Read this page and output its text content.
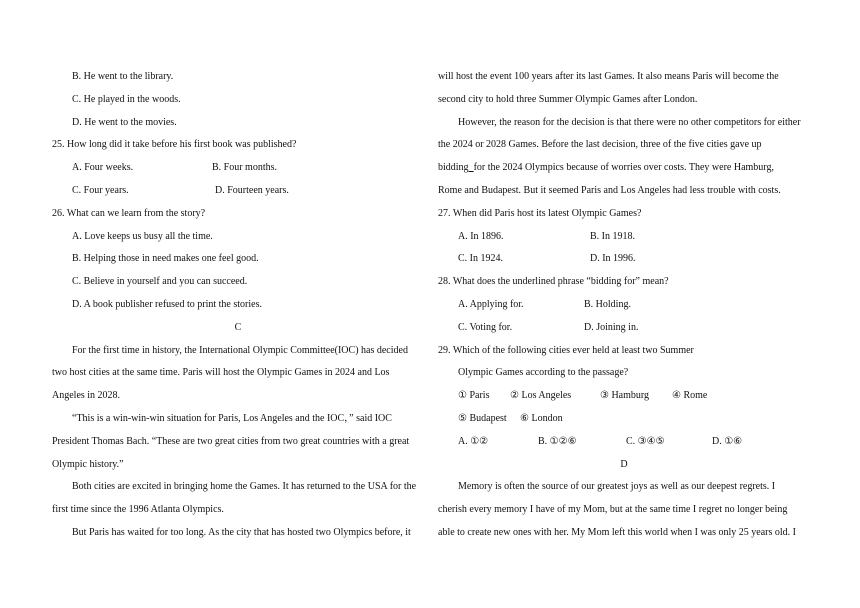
B. He went to the library.
C. He played in the woods.
D. He went to the movies.
25. How long did it take before his first book was published?
A. Four weeks.	B. Four months.
C. Four years.	D. Fourteen years.
26. What can we learn from the story?
A. Love keeps us busy all the time.
B. Helping those in need makes one feel good.
C. Believe in yourself and you can succeed.
D. A book publisher refused to print the stories.
C
For the first time in history, the International Olympic Committee(IOC) has decided
two host cities at the same time. Paris will host the Olympic Games in 2024 and Los
Angeles in 2028.
“This is a win-win-win situation for Paris, Los Angeles and the IOC，” said IOC
President Thomas Bach. “These are two great cities from two great countries with a great
Olympic history.”
Both cities are excited in bringing home the Games. It has returned to the USA for the
first time since the 1996 Atlanta Olympics.
But Paris has waited for too long. As the city that has hosted two Olympics before, it
will host the event 100 years after its last Games. It also means Paris will become the
second city to hold three Summer Olympic Games after London.
However, the reason for the decision is that there were no other competitors for either
the 2024 or 2028 Games. Before the last decision, three of the five cities gave up
bidding for the 2024 Olympics because of worries over costs. They were Hamburg,
Rome and Budapest. But it seemed Paris and Los Angeles had less trouble with costs.
27. When did Paris host its latest Olympic Games?
A. In 1896.	B. In 1918.
C. In 1924.	D. In 1996.
28. What does the underlined phrase “bidding for” mean?
A. Applying for.	B. Holding.
C. Voting for.	D. Joining in.
29. Which of the following cities ever held at least two Summer
Olympic Games according to the passage?
① Paris	② Los Angeles	③ Hamburg	④ Rome
⑤ Budapest	⑥ London
A. ①②	B. ①②⑥	C. ③④⑤	D. ①⑥
D
Memory is often the source of our greatest joys as well as our deepest regrets. I
cherish every memory I have of my Mom, but at the same time I regret no longer being
able to create new ones with her. My Mom left this world when I was only 25 years old. I
